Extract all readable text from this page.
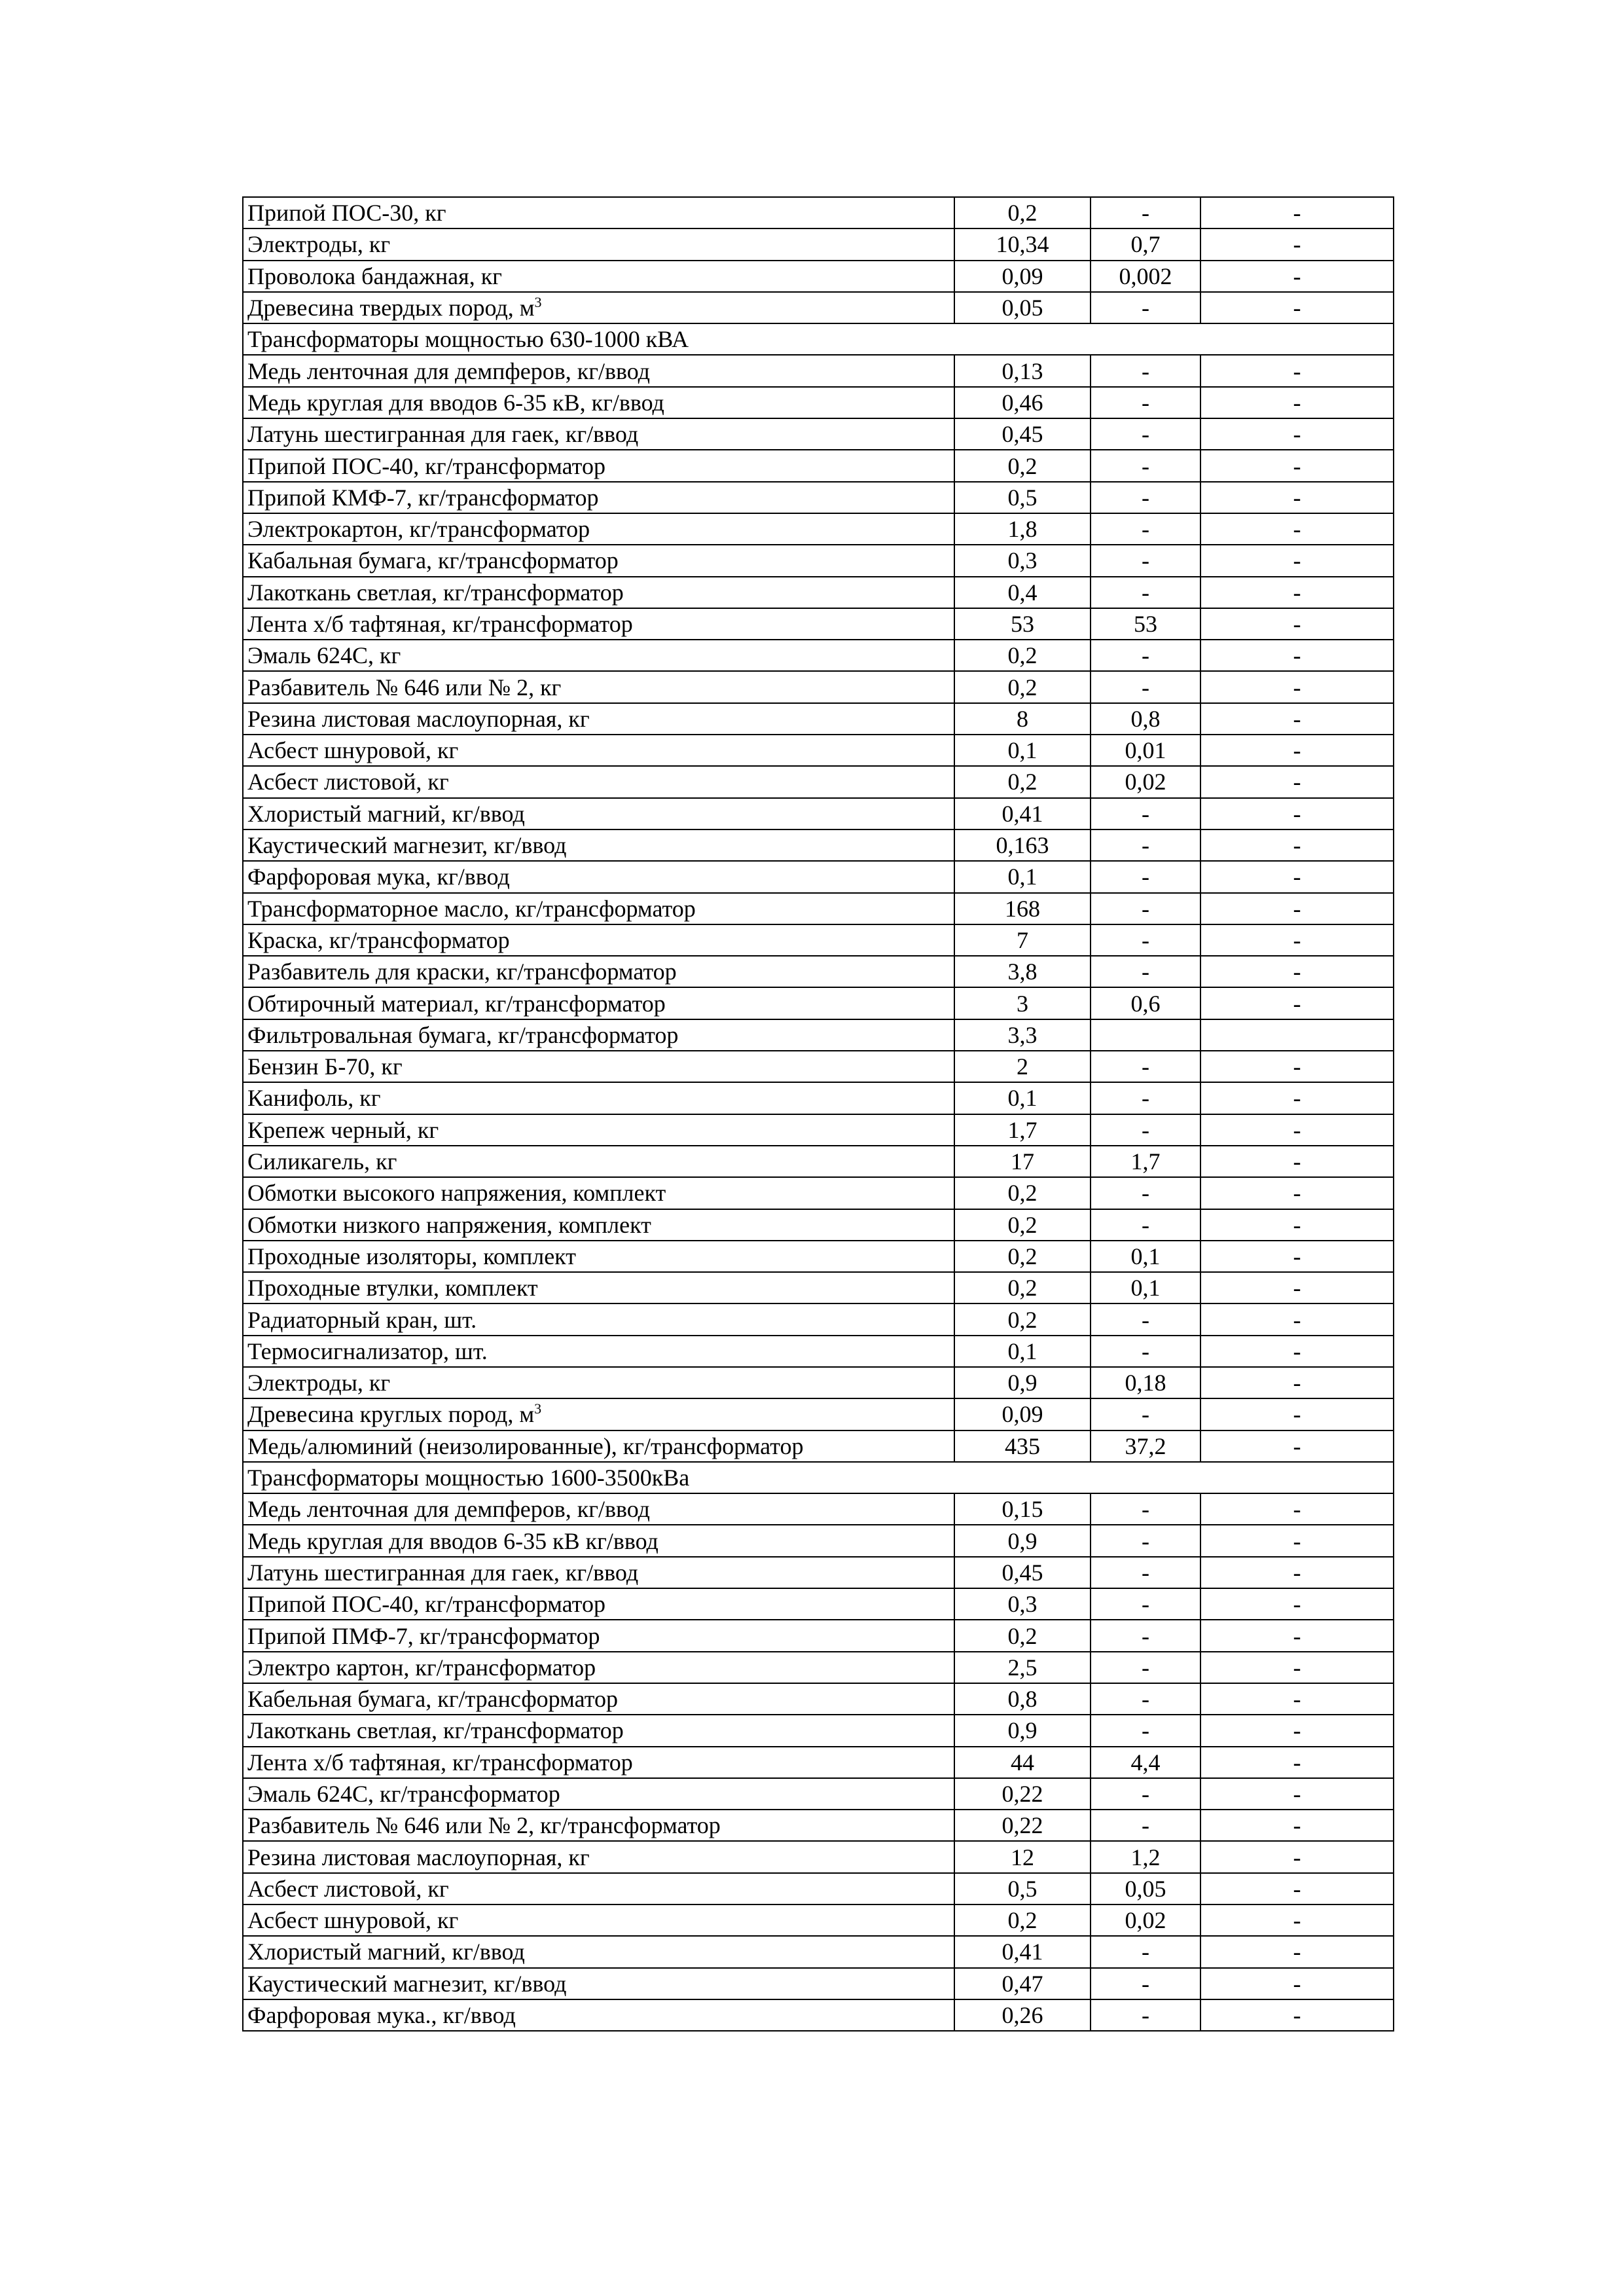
Припой ПОС-30, кг	0,2	-	-
Электроды, кг	10,34	0,7	-
Проволока бандажная, кг	0,09	0,002	-
Древесина твердых пород, $м^3$	0,05	-	-
Трансформаторы мощностью 630-1000 кВА			
Медь ленточная для демпферов, кг/ввод	0,13	-	-
Медь круглая для вводов 6-35 кВ, кг/ввод	0,46	-	-
Латунь шестигранная для гаек, кг/ввод	0,45	-	-
Припой ПОС-40, кг/трансформатор	0,2	-	-
Припой КМФ-7, кг/трансформатор	0,5	-	-
Электрокартон, кг/трансформатор	1,8	-	-
Кабальная бумага, кг/трансформатор	0,3	-	-
Лакоткань светлая, кг/трансформатор	0,4	-	-
Лента х/б тафтяная, кг/трансформатор	53	53	-
Эмаль 624С, кг	0,2	-	-
Разбавитель № 646 или № 2, кг	0,2	-	-
Резина листовая маслоупорная, кг	8	0,8	-
Асбест шнуровой, кг	0,1	0,01	-
Асбест листовой, кг	0,2	0,02	-
Хлористый магний, кг/ввод	0,41	-	-
Каустический магнезит, кг/ввод	0,163	-	-
Фарфоровая мука, кг/ввод	0,1	-	-
Трансформаторное масло, кг/трансформатор	168	-	-
Краска, кг/трансформатор	7	-	-
Разбавитель для краски, кг/трансформатор	3,8	-	-
Обтирочный материал, кг/трансформатор	3	0,6	-
Фильтровальная бумага, кг/трансформатор	3,3		
Бензин Б-70, кг	2	-	-
Канифоль, кг	0,1	-	-
Крепеж черный, кг	1,7	-	-
Силикагель, кг	17	1,7	-
Обмотки высокого напряжения, комплект	0,2	-	-
Обмотки низкого напряжения, комплект	0,2	-	-
Проходные изоляторы, комплект	0,2	0,1	-
Проходные втулки, комплект	0,2	0,1	-
Радиаторный кран, шт.	0,2	-	-
Термосигнализатор, шт.	0,1	-	-
Электроды, кг	0,9	0,18	-
Древесина круглых пород, $м^3$	0,09	-	-
Медь/алюминий (неизолированные), кг/трансформатор	435	37,2	-
Трансформаторы мощностью 1600-3500кВа			
Медь ленточная для демпферов, кг/ввод	0,15	-	-
Медь круглая для вводов 6-35 кВ кг/ввод	0,9	-	-
Латунь шестигранная для гаек, кг/ввод	0,45	-	-
Припой ПОС-40, кг/трансформатор	0,3	-	-
Припой ПМФ-7, кг/трансформатор	0,2	-	-
Электро картон, кг/трансформатор	2,5	-	-
Кабельная бумага, кг/трансформатор	0,8	-	-
Лакоткань светлая, кг/трансформатор	0,9	-	-
Лента х/б тафтяная, кг/трансформатор	44	4,4	-
Эмаль 624С, кг/трансформатор	0,22	-	-
Разбавитель № 646 или № 2, кг/трансформатор	0,22	-	-
Резина листовая маслоупорная, кг	12	1,2	-
Асбест листовой, кг	0,5	0,05	-
Асбест шнуровой, кг	0,2	0,02	-
Хлористый магний, кг/ввод	0,41	-	-
Каустический магнезит, кг/ввод	0,47	-	-
Фарфоровая мука., кг/ввод	0,26	-	-
